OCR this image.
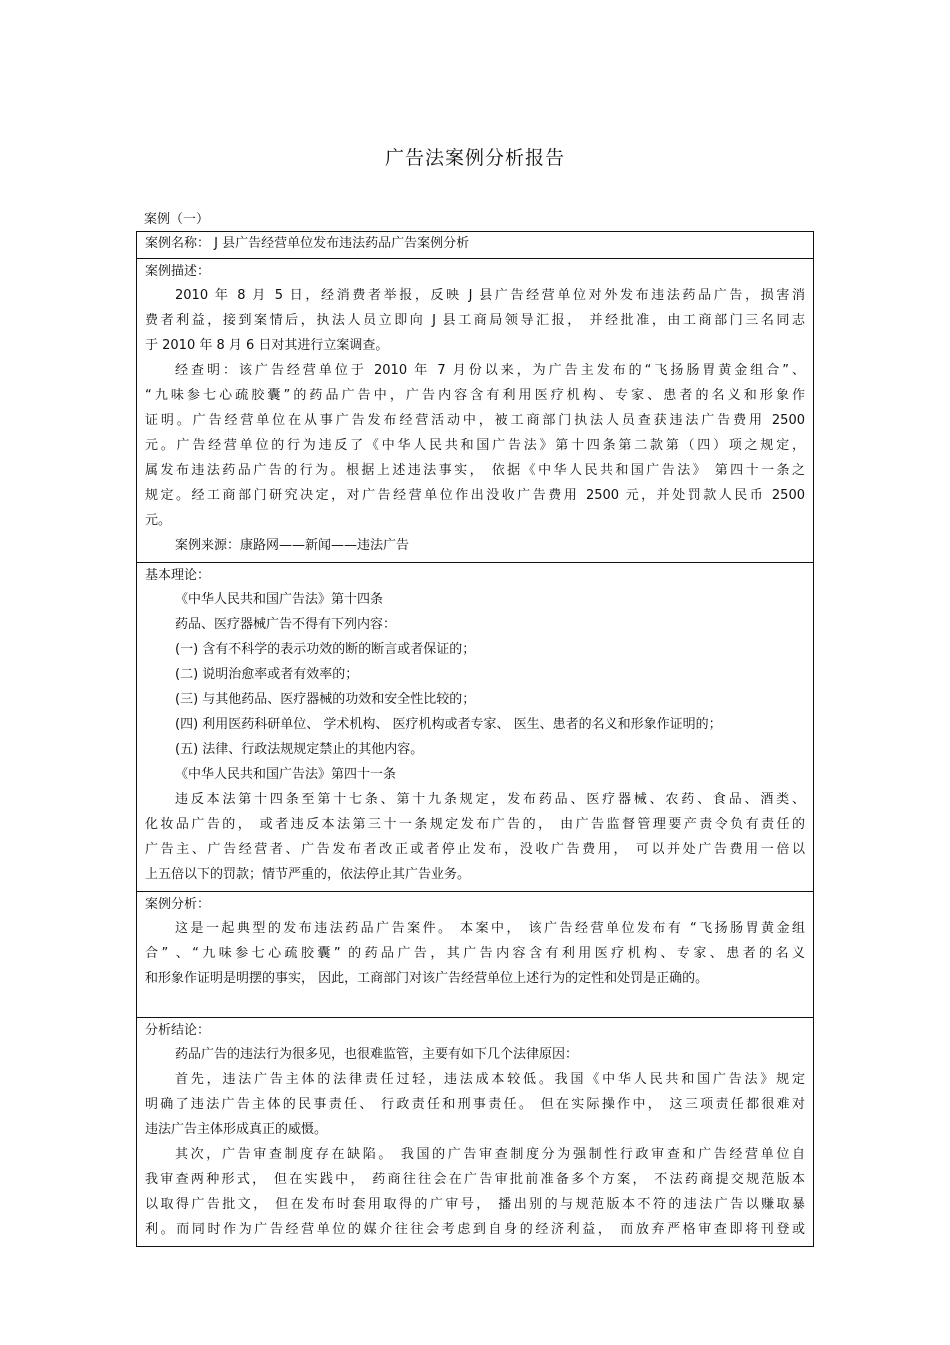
广告法案例分析报告
案例（一）
案例名称： J 县广告经营单位发布违法药品广告案例分析

案例描述：
2010 年 8 月 5 日，经消费者举报，反映 J 县广告经营单位对外发布违法药品广告，损害消
费者利益，接到案情后，执法人员立即向 J 县工商局领导汇报， 并经批准，由工商部门三名同志
于 2010 年 8 月 6 日对其进行立案调查。
经查明：该广告经营单位于 2010 年 7 月份以来，为广告主发布的“飞扬肠胃黄金组合”、
“九味参七心疏胶囊”的药品广告中，广告内容含有利用医疗机构、专家、患者的名义和形象作
证明。广告经营单位在从事广告发布经营活动中，被工商部门执法人员查获违法广告费用 2500
元。广告经营单位的行为违反了《中华人民共和国广告法》第十四条第二款第（四）项之规定，
属发布违法药品广告的行为。根据上述违法事实， 依据《中华人民共和国广告法》 第四十一条之
规定。经工商部门研究决定，对广告经营单位作出没收广告费用 2500 元，并处罚款人民币 2500
元。
案例来源：康路网——新闻——违法广告

基本理论：
《中华人民共和国广告法》第十四条
药品、医疗器械广告不得有下列内容：
(一) 含有不科学的表示功效的断的断言或者保证的；
(二) 说明治愈率或者有效率的；
(三) 与其他药品、医疗器械的功效和安全性比较的；
(四) 利用医药科研单位、 学术机构、 医疗机构或者专家、 医生、患者的名义和形象作证明的；
(五) 法律、行政法规规定禁止的其他内容。
《中华人民共和国广告法》第四十一条
违反本法第十四条至第十七条、第十九条规定，发布药品、医疗器械、农药、食品、酒类、
化妆品广告的， 或者违反本法第三十一条规定发布广告的， 由广告监督管理要产责令负有责任的
广告主、广告经营者、广告发布者改正或者停止发布，没收广告费用， 可以并处广告费用一倍以
上五倍以下的罚款；情节严重的，依法停止其广告业务。

案例分析：
这是一起典型的发布违法药品广告案件。 本案中， 该广告经营单位发布有 “飞扬肠胃黄金组
合” 、“九味参七心疏胶囊” 的药品广告，其广告内容含有利用医疗机构、专家、患者的名义
和形象作证明是明摆的事实， 因此，工商部门对该广告经营单位上述行为的定性和处罚是正确的。

分析结论：
药品广告的违法行为很多见，也很难监管，主要有如下几个法律原因：
首先，违法广告主体的法律责任过轻，违法成本较低。我国《中华人民共和国广告法》规定
明确了违法广告主体的民事责任、 行政责任和刑事责任。 但在实际操作中， 这三项责任都很难对
违法广告主体形成真正的威慑。
其次，广告审查制度存在缺陷。 我国的广告审查制度分为强制性行政审查和广告经营单位自
我审查两种形式， 但在实践中， 药商往往会在广告审批前准备多个方案， 不法药商提交规范版本
以取得广告批文， 但在发布时套用取得的广审号， 播出别的与规范版本不符的违法广告以赚取暴
利。而同时作为广告经营单位的媒介往往会考虑到自身的经济利益， 而放弃严格审查即将刊登或
